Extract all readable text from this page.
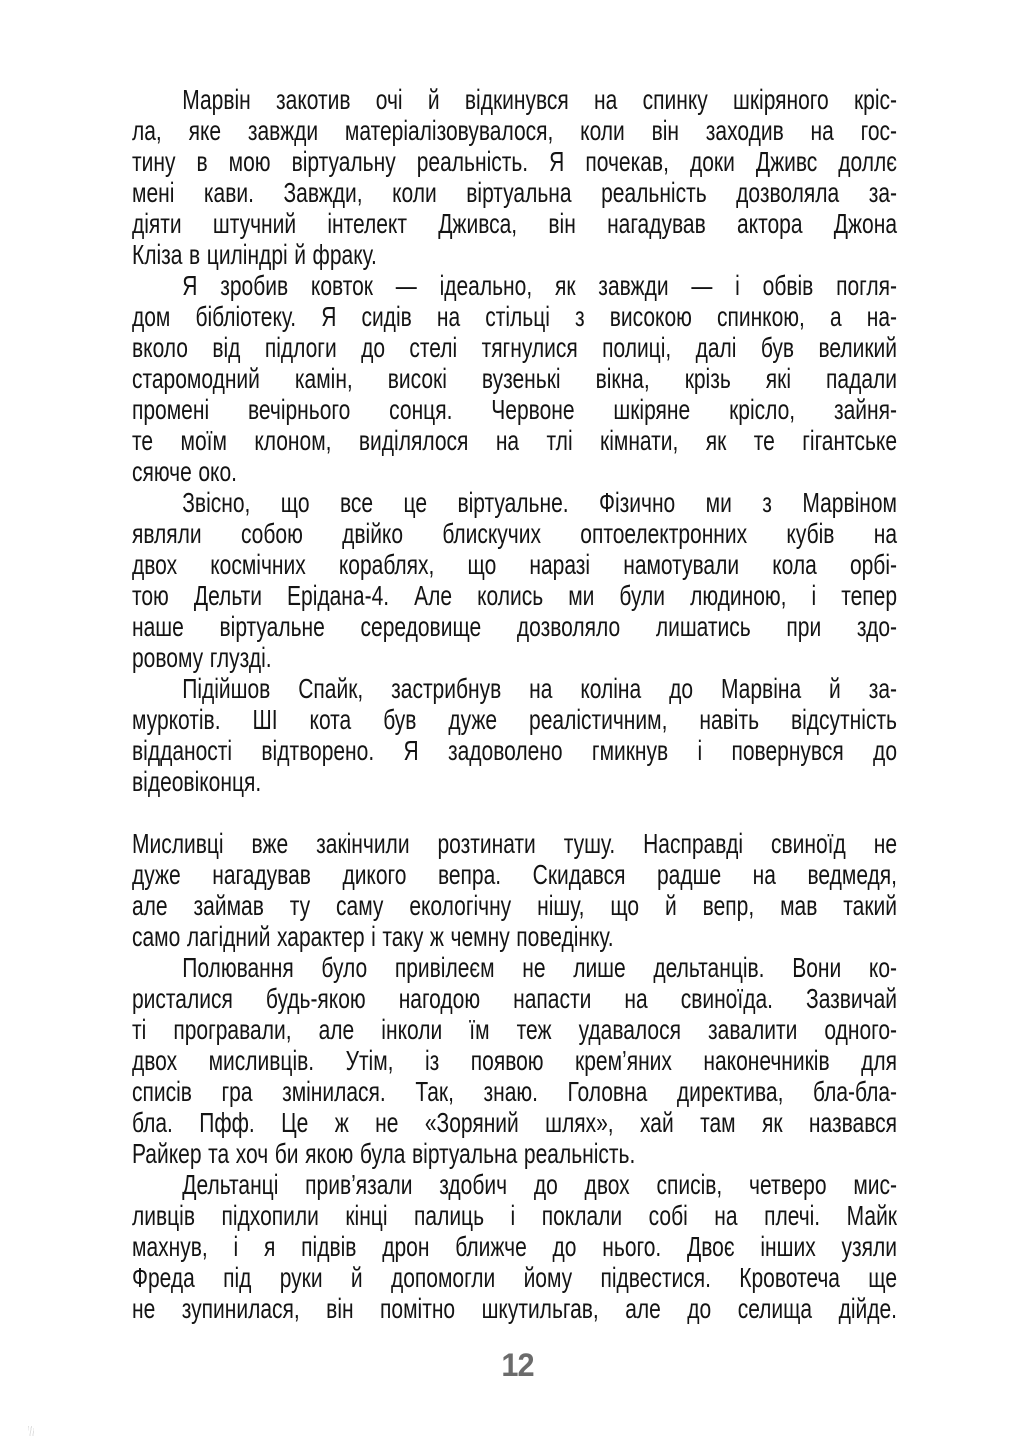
Марвін закотив очі й відкинувся на спинку шкіряного кріс-
ла, яке завжди матеріалізовувалося, коли він заходив на гос-
тину в мою віртуальну реальність. Я почекав, доки Дживс доллє
мені кави. Завжди, коли віртуальна реальність дозволяла за-
діяти штучний інтелект Дживса, він нагадував актора Джона
Кліза в циліндрі й фраку.
Я зробив ковток — ідеально, як завжди — і обвів погля-
дом бібліотеку. Я сидів на стільці з високою спинкою, а на-
вколо від підлоги до стелі тягнулися полиці, далі був великий
старомодний камін, високі вузенькі вікна, крізь які падали
промені вечірнього сонця. Червоне шкіряне крісло, зайня-
те моїм клоном, виділялося на тлі кімнати, як те гігантське
сяюче око.
Звісно, що все це віртуальне. Фізично ми з Марвіном
являли собою двійко блискучих оптоелектронних кубів на
двох космічних кораблях, що наразі намотували кола орбі-
тою Дельти Ерідана-4. Але колись ми були людиною, і тепер
наше віртуальне середовище дозволяло лишатись при здо-
ровому глузді.
Підійшов Спайк, застрибнув на коліна до Марвіна й за-
муркотів. ШІ кота був дуже реалістичним, навіть відсутність
відданості відтворено. Я задоволено гмикнув і повернувся до
відеовіконця.
Мисливці вже закінчили розтинати тушу. Насправді свиноїд не
дуже нагадував дикого вепра. Скидався радше на ведмедя,
але займав ту саму екологічну нішу, що й вепр, мав такий
само лагідний характер і таку ж чемну поведінку.
Полювання було привілеєм не лише дельтанців. Вони ко-
ристалися будь-якою нагодою напасти на свиноїда. Зазвичай
ті програвали, але інколи їм теж удавалося завалити одного-
двох мисливців. Утім, із появою крем’яних наконечників для
списів гра змінилася. Так, знаю. Головна директива, бла-бла-
бла. Пфф. Це ж не «Зоряний шлях», хай там як назвався
Райкер та хоч би якою була віртуальна реальність.
Дельтанці прив’язали здобич до двох списів, четверо мис-
ливців підхопили кінці палиць і поклали собі на плечі. Майк
махнув, і я підвів дрон ближче до нього. Двоє інших узяли
Фреда під руки й допомогли йому підвестися. Кровотеча ще
не зупинилася, він помітно шкутильгав, але до селища дійде.
12
